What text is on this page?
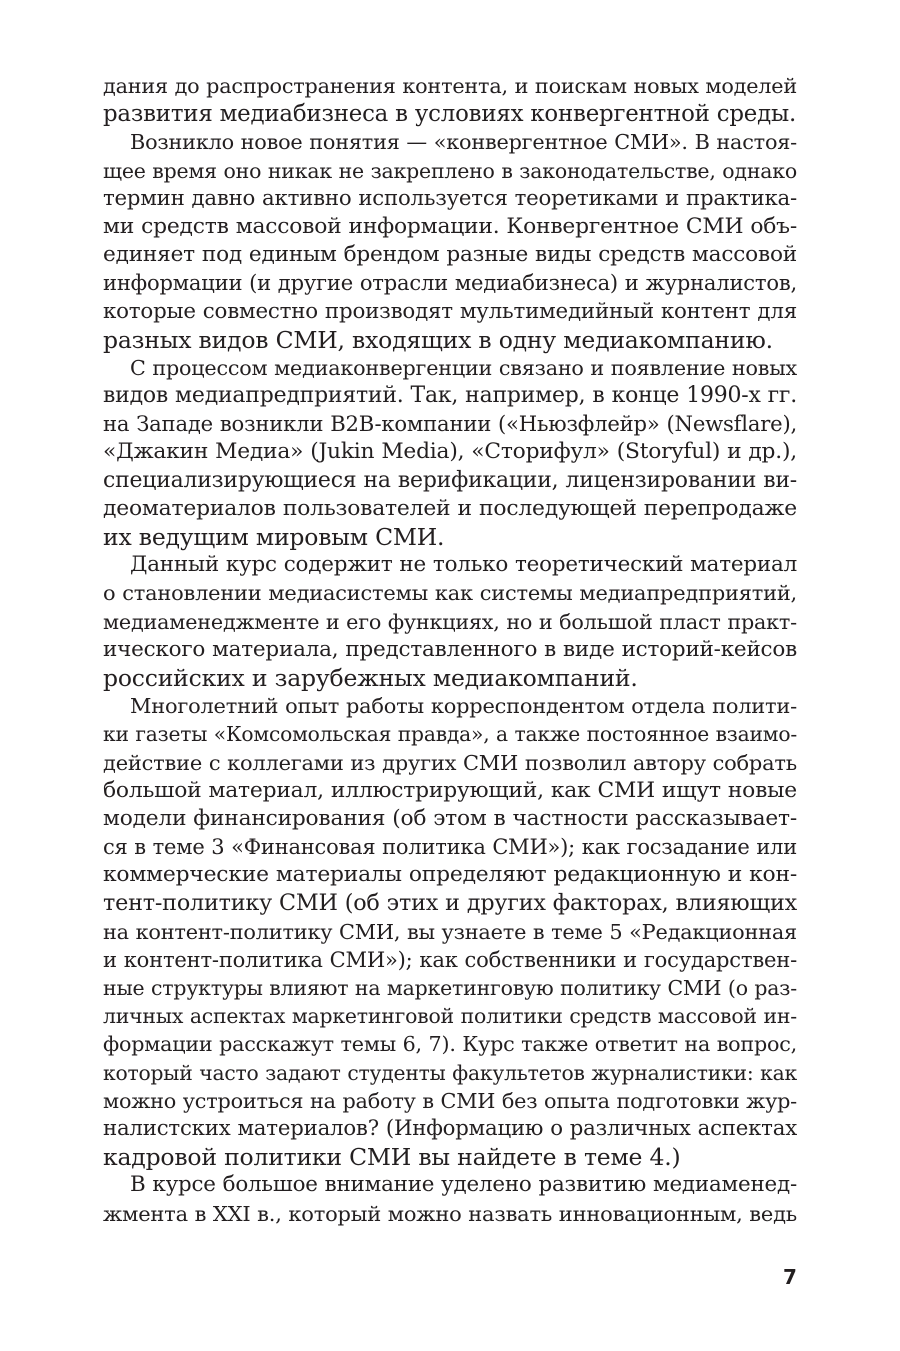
дания до распространения контента, и поискам новых моделей
развития медиабизнеса в условиях конвергентной среды.
Возникло новое понятия — «конвергентное СМИ». В настоя-
щее время оно никак не закреплено в законодательстве, однако
термин давно активно используется теоретиками и практика-
ми средств массовой информации. Конвергентное СМИ объ-
единяет под единым брендом разные виды средств массовой
информации (и другие отрасли медиабизнеса) и журналистов,
которые совместно производят мультимедийный контент для
разных видов СМИ, входящих в одну медиакомпанию.
С процессом медиаконвергенции связано и появление новых
видов медиапредприятий. Так, например, в конце 1990-х гг.
на Западе возникли B2B-компании («Ньюзфлейр» (Newsflare),
«Джакин Медиа» (Jukin Media), «Сторифул» (Storyful) и др.),
специализирующиеся на верификации, лицензировании ви-
деоматериалов пользователей и последующей перепродаже
их ведущим мировым СМИ.
Данный курс содержит не только теоретический материал
о становлении медиасистемы как системы медиапредприятий,
медиаменеджменте и его функциях, но и большой пласт практ-
ического материала, представленного в виде историй-кейсов
российских и зарубежных медиакомпаний.
Многолетний опыт работы корреспондентом отдела полити-
ки газеты «Комсомольская правда», а также постоянное взаимо-
действие с коллегами из других СМИ позволил автору собрать
большой материал, иллюстрирующий, как СМИ ищут новые
модели финансирования (об этом в частности рассказывает-
ся в теме 3 «Финансовая политика СМИ»); как госзадание или
коммерческие материалы определяют редакционную и кон-
тент-политику СМИ (об этих и других факторах, влияющих
на контент-политику СМИ, вы узнаете в теме 5 «Редакционная
и контент-политика СМИ»); как собственники и государствен-
ные структуры влияют на маркетинговую политику СМИ (о раз-
личных аспектах маркетинговой политики средств массовой ин-
формации расскажут темы 6, 7). Курс также ответит на вопрос,
который часто задают студенты факультетов журналистики: как
можно устроиться на работу в СМИ без опыта подготовки жур-
налистских материалов? (Информацию о различных аспектах
кадровой политики СМИ вы найдете в теме 4.)
В курсе большое внимание уделено развитию медиаменед-
жмента в XXI в., который можно назвать инновационным, ведь
7
